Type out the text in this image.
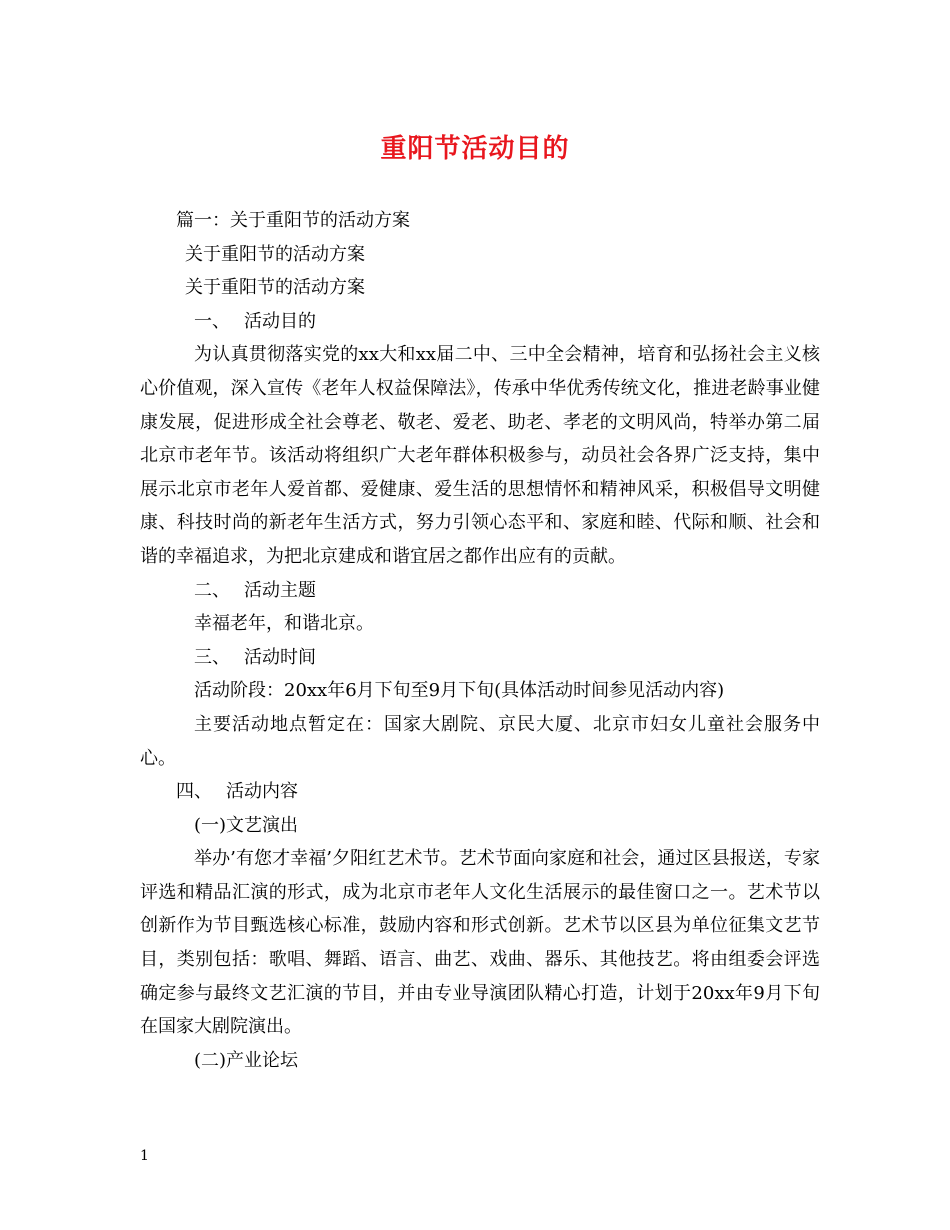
重阳节活动目的

篇一：关于重阳节的活动方案

关于重阳节的活动方案

关于重阳节的活动方案

一、 活动目的

为认真贯彻落实党的xx大和xx届二中、三中全会精神，培育和弘扬社会主义核心价值观，深入宣传《老年人权益保障法》，传承中华优秀传统文化，推进老龄事业健康发展，促进形成全社会尊老、敬老、爱老、助老、孝老的文明风尚，特举办第二届北京市老年节。该活动将组织广大老年群体积极参与，动员社会各界广泛支持，集中展示北京市老年人爱首都、爱健康、爱生活的思想情怀和精神风采，积极倡导文明健康、科技时尚的新老年生活方式，努力引领心态平和、家庭和睦、代际和顺、社会和谐的幸福追求，为把北京建成和谐宜居之都作出应有的贡献。

二、 活动主题

幸福老年，和谐北京。

三、 活动时间

活动阶段：20xx年6月下旬至9月下旬(具体活动时间参见活动内容)

主要活动地点暂定在：国家大剧院、京民大厦、北京市妇女儿童社会服务中心。

四、 活动内容

(一)文艺演出

举办’有您才幸福’夕阳红艺术节。艺术节面向家庭和社会，通过区县报送，专家评选和精品汇演的形式，成为北京市老年人文化生活展示的最佳窗口之一。艺术节以创新作为节目甄选核心标准，鼓励内容和形式创新。艺术节以区县为单位征集文艺节目，类别包括：歌唱、舞蹈、语言、曲艺、戏曲、器乐、其他技艺。将由组委会评选确定参与最终文艺汇演的节目，并由专业导演团队精心打造，计划于20xx年9月下旬在国家大剧院演出。

(二)产业论坛

1
